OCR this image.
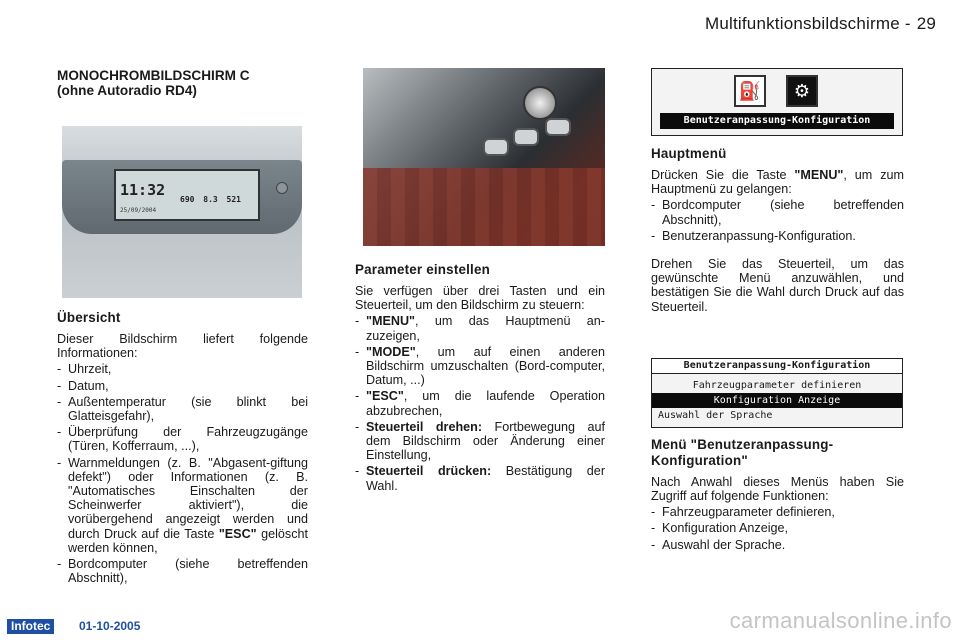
Multifunktionsbildschirme - 29
MONOCHROMBILDSCHIRM C
(ohne Autoradio RD4)
11:32
25/09/2004
690 8.3 521
Übersicht

Dieser Bildschirm liefert folgende Informationen:

- Uhrzeit,
- Datum,
- Außentemperatur (sie blinkt bei Glatteisgefahr),
- Überprüfung der Fahrzeugzugänge (Türen, Kofferraum, ...),
- Warnmeldungen (z. B. "Abgasent-giftung defekt") oder Informationen (z. B. "Automatisches Einschalten der Scheinwerfer aktiviert"), die vorübergehend angezeigt werden und durch Druck auf die Taste "ESC" gelöscht werden können,
- Bordcomputer (siehe betreffenden Abschnitt),
Parameter einstellen

Sie verfügen über drei Tasten und ein Steuerteil, um den Bildschirm zu steuern:

- "MENU", um das Hauptmenü an-zuzeigen,
- "MODE", um auf einen anderen Bildschirm umzuschalten (Bord-computer, Datum, ...)
- "ESC", um die laufende Operation abzubrechen,
- Steuerteil drehen: Fortbewegung auf dem Bildschirm oder Änderung einer Einstellung,
- Steuerteil drücken: Bestätigung der Wahl.
⛽	⚙
Benutzeranpassung-Konfiguration
Hauptmenü

Drücken Sie die Taste "MENU", um zum Hauptmenü zu gelangen:

- Bordcomputer (siehe betreffenden Abschnitt),
- Benutzeranpassung-Konfiguration.

Drehen Sie das Steuerteil, um das gewünschte Menü anzuwählen, und bestätigen Sie die Wahl durch Druck auf das Steuerteil.

Benutzeranpassung-Konfiguration
Fahrzeugparameter definieren
Konfiguration Anzeige
Auswahl der Sprache
Menü "Benutzeranpassung-Konfiguration"

Nach Anwahl dieses Menüs haben Sie Zugriff auf folgende Funktionen:

- Fahrzeugparameter definieren,
- Konfiguration Anzeige,
- Auswahl der Sprache.
Infotec	01-10-2005	carmanualsonline.info
